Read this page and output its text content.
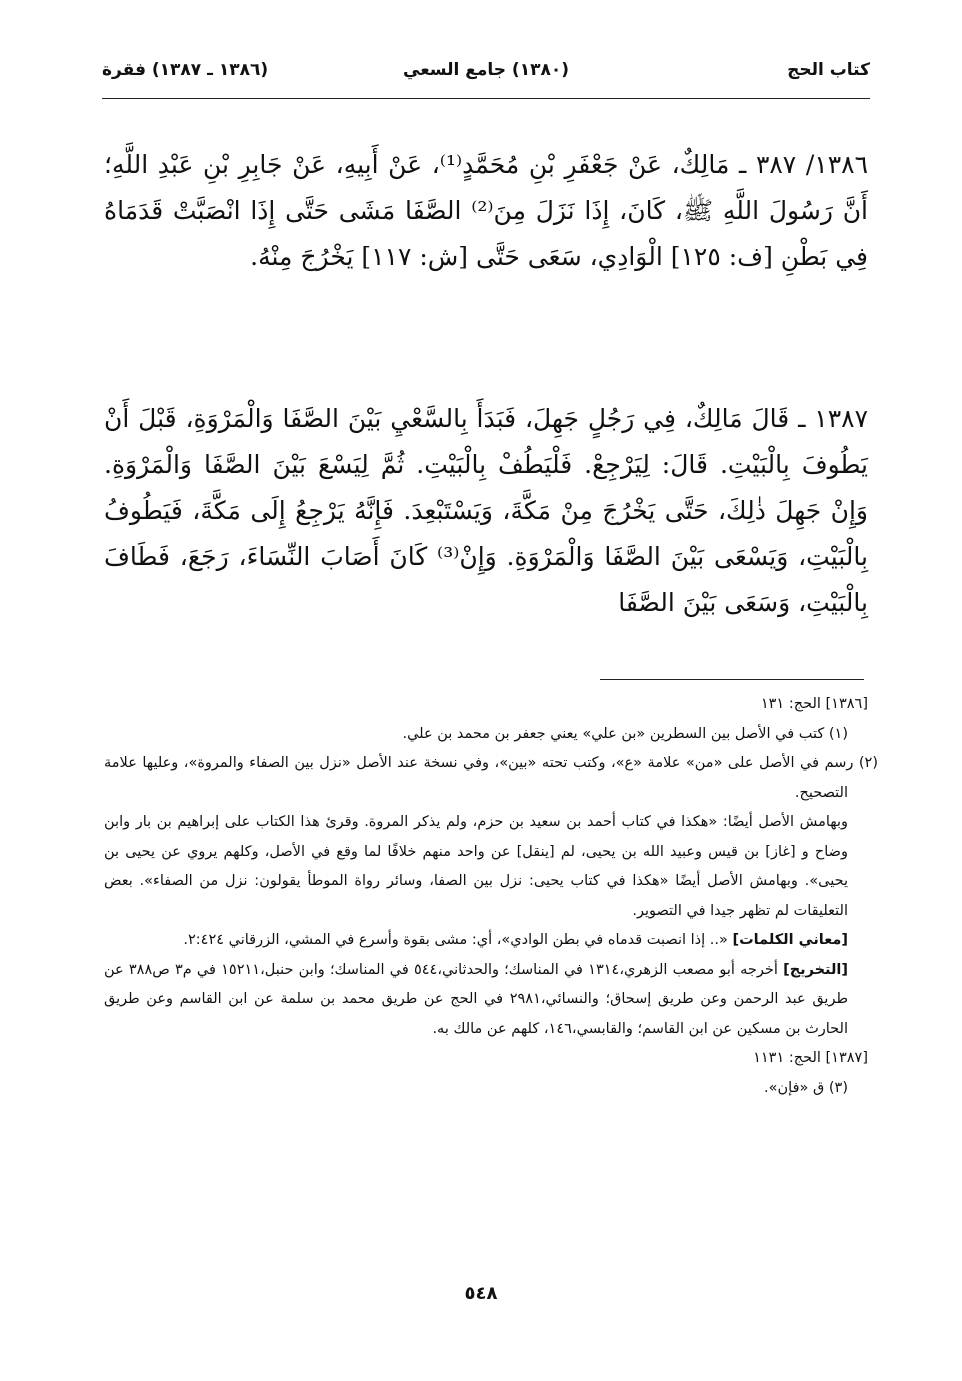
كتاب الحج
(١٣٨٠) جامع السعي
(١٣٨٦ ـ ١٣٨٧) فقرة
١٣٨٦/ ٣٨٧ ـ مَالِكٌ، عَنْ جَعْفَرِ بْنِ مُحَمَّدٍ⁽¹⁾، عَنْ أَبِيهِ، عَنْ جَابِرِ بْنِ عَبْدِ اللَّهِ؛ أَنَّ رَسُولَ اللَّهِ ﷺ، كَانَ، إِذَا نَزَلَ مِنَ⁽²⁾ الصَّفَا مَشَى حَتَّى إِذَا انْصَبَّتْ قَدَمَاهُ فِي بَطْنِ [ف: ١٢٥] الْوَادِي، سَعَى حَتَّى [ش: ١١٧] يَخْرُجَ مِنْهُ.
١٣٨٧ ـ قَالَ مَالِكٌ، فِي رَجُلٍ جَهِلَ، فَبَدَأَ بِالسَّعْيِ بَيْنَ الصَّفَا وَالْمَرْوَةِ، قَبْلَ أَنْ يَطُوفَ بِالْبَيْتِ. قَالَ: لِيَرْجِعْ. فَلْيَطُفْ بِالْبَيْتِ. ثُمَّ لِيَسْعَ بَيْنَ الصَّفَا وَالْمَرْوَةِ. وَإِنْ جَهِلَ ذٰلِكَ، حَتَّى يَخْرُجَ مِنْ مَكَّةَ، وَيَسْتَبْعِدَ. فَإِنَّهُ يَرْجِعُ إِلَى مَكَّةَ، فَيَطُوفُ بِالْبَيْتِ، وَيَسْعَى بَيْنَ الصَّفَا وَالْمَرْوَةِ. وَإِنْ⁽³⁾ كَانَ أَصَابَ النِّسَاءَ، رَجَعَ، فَطَافَ بِالْبَيْتِ، وَسَعَى بَيْنَ الصَّفَا

[١٣٨٦] الحج: ١٣١

(١) كتب في الأصل بين السطرين «بن علي» يعني جعفر بن محمد بن علي.

(٢) رسم في الأصل على «من» علامة «ع»، وكتب تحته «بين»، وفي نسخة عند الأصل «نزل بين الصفاء والمروة»، وعليها علامة التصحيح.

وبهامش الأصل أيضًا: «هكذا في كتاب أحمد بن سعيد بن حزم، ولم يذكر المروة. وقرئ هذا الكتاب على إبراهيم بن بار وابن وضاح و [غاز] بن قيس وعبيد الله بن يحيى، لم [ينقل] عن واحد منهم خلافًا لما وقع في الأصل، وكلهم يروي عن يحيى بن يحيى». وبهامش الأصل أيضًا «هكذا في كتاب يحيى: نزل بين الصفا، وسائر رواة الموطأ يقولون: نزل من الصفاء». بعض التعليقات لم تظهر جيدا في التصوير.

[معاني الكلمات] «.. إذا انصبت قدماه في بطن الوادي»، أي: مشى بقوة وأسرع في المشي، الزرقاني ٢:٤٢٤.

[التخريج] أخرجه أبو مصعب الزهري،١٣١٤ في المناسك؛ والحدثاني،٥٤٤ في المناسك؛ وابن حنبل،١٥٢١١ في م٣ ص٣٨٨ عن طريق عبد الرحمن وعن طريق إسحاق؛ والنسائي،٢٩٨١ في الحج عن طريق محمد بن سلمة عن ابن القاسم وعن طريق الحارث بن مسكين عن ابن القاسم؛ والقابسي،١٤٦، كلهم عن مالك به.

[١٣٨٧] الحج: ١١٣١

(٣) ق «فإن».

٥٤٨
